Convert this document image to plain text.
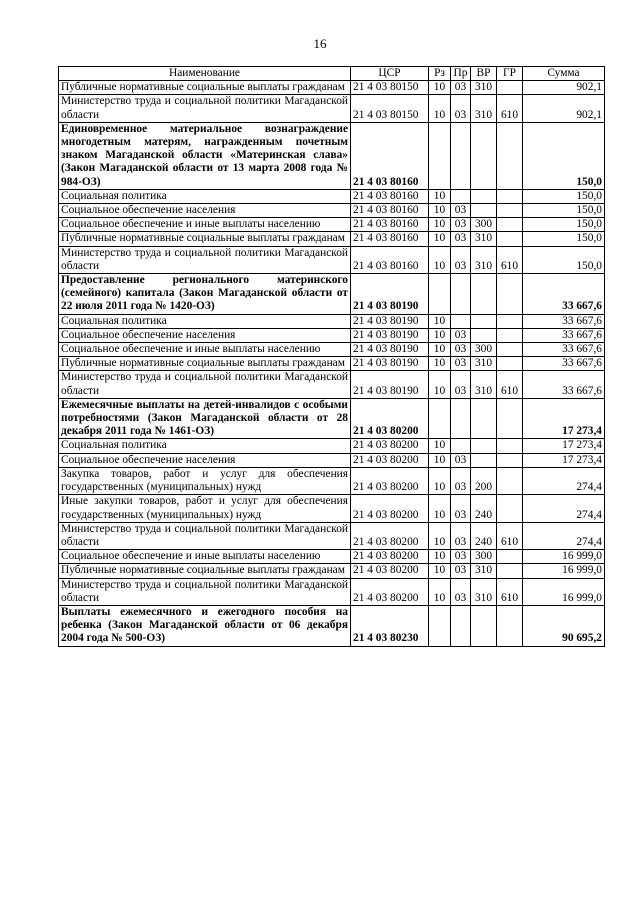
16
Наименование	ЦСР	Рз	Пр	ВР	ГР	Сумма
Публичные нормативные социальные выплаты гражданам	21 4 03 80150	10	03	310		902,1
Министерство труда и социальной политики Магаданской области	21 4 03 80150	10	03	310	610	902,1
Единовременное материальное вознаграждение многодетным матерям, награжденным почетным знаком Магаданской области «Материнская слава» (Закон Магаданской области от 13 марта 2008 года № 984-ОЗ)	21 4 03 80160					150,0
Социальная политика	21 4 03 80160	10				150,0
Социальное обеспечение населения	21 4 03 80160	10	03			150,0
Социальное обеспечение и иные выплаты населению	21 4 03 80160	10	03	300		150,0
Публичные нормативные социальные выплаты гражданам	21 4 03 80160	10	03	310		150,0
Министерство труда и социальной политики Магаданской области	21 4 03 80160	10	03	310	610	150,0
Предоставление регионального материнского (семейного) капитала (Закон Магаданской области от 22 июля 2011 года № 1420-ОЗ)	21 4 03 80190					33 667,6
Социальная политика	21 4 03 80190	10				33 667,6
Социальное обеспечение населения	21 4 03 80190	10	03			33 667,6
Социальное обеспечение и иные выплаты населению	21 4 03 80190	10	03	300		33 667,6
Публичные нормативные социальные выплаты гражданам	21 4 03 80190	10	03	310		33 667,6
Министерство труда и социальной политики Магаданской области	21 4 03 80190	10	03	310	610	33 667,6
Ежемесячные выплаты на детей-инвалидов с особыми потребностями (Закон Магаданской области от 28 декабря 2011 года № 1461-ОЗ)	21 4 03 80200					17 273,4
Социальная политика	21 4 03 80200	10				17 273,4
Социальное обеспечение населения	21 4 03 80200	10	03			17 273,4
Закупка товаров, работ и услуг для обеспечения государственных (муниципальных) нужд	21 4 03 80200	10	03	200		274,4
Иные закупки товаров, работ и услуг для обеспечения государственных (муниципальных) нужд	21 4 03 80200	10	03	240		274,4
Министерство труда и социальной политики Магаданской области	21 4 03 80200	10	03	240	610	274,4
Социальное обеспечение и иные выплаты населению	21 4 03 80200	10	03	300		16 999,0
Публичные нормативные социальные выплаты гражданам	21 4 03 80200	10	03	310		16 999,0
Министерство труда и социальной политики Магаданской области	21 4 03 80200	10	03	310	610	16 999,0
Выплаты ежемесячного и ежегодного пособия на ребенка (Закон Магаданской области от 06 декабря 2004 года № 500-ОЗ)	21 4 03 80230					90 695,2
